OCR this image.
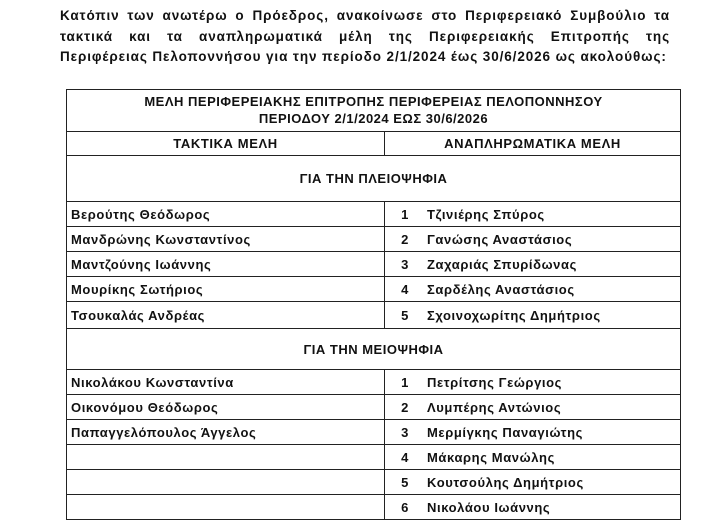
Κατόπιν των ανωτέρω ο Πρόεδρος, ανακοίνωσε στο Περιφερειακό Συμβούλιο τα τακτικά και τα αναπληρωματικά μέλη της Περιφερειακής Επιτροπής της Περιφέρειας Πελοποννήσου για την περίοδο 2/1/2024 έως 30/6/2026 ως ακολούθως:
ΜΕΛΗ ΠΕΡΙΦΕΡΕΙΑΚΗΣ ΕΠΙΤΡΟΠΗΣ ΠΕΡΙΦΕΡΕΙΑΣ ΠΕΛΟΠΟΝΝΗΣΟΥ
ΠΕΡΙΟΔΟΥ 2/1/2024 ΕΩΣ 30/6/2026	

ΤΑΚΤΙΚΑ ΜΕΛΗ	ΑΝΑΠΛΗΡΩΜΑΤΙΚΑ ΜΕΛΗ
ΓΙΑ ΤΗΝ ΠΛΕΙΟΨΗΦΙΑ	
Βερούτης Θεόδωρος	1 Τζινιέρης Σπύρος
Μανδρώνης Κωνσταντίνος	2 Γανώσης Αναστάσιος
Μαντζούνης Ιωάννης	3 Ζαχαριάς Σπυρίδωνας
Μουρίκης Σωτήριος	4 Σαρδέλης Αναστάσιος
Τσουκαλάς Ανδρέας	5 Σχοινοχωρίτης Δημήτριος
ΓΙΑ ΤΗΝ ΜΕΙΟΨΗΦΙΑ	
Νικολάκου Κωνσταντίνα	1 Πετρίτσης Γεώργιος
Οικονόμου Θεόδωρος	2 Λυμπέρης Αντώνιος
Παπαγγελόπουλος Άγγελος	3 Μερμίγκης Παναγιώτης
	4 Μάκαρης Μανώλης
	5 Κουτσούλης Δημήτριος
	6 Νικολάου Ιωάννης
